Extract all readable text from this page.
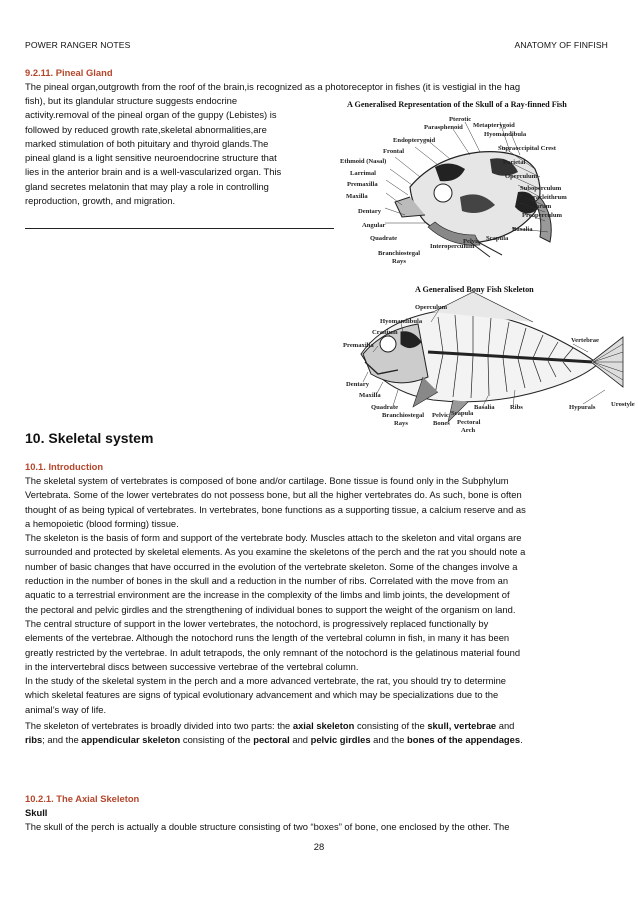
POWER RANGER NOTES	ANATOMY OF FINFISH
9.2.11. Pineal Gland
The pineal organ,outgrowth from the roof of the brain,is recognized as a photoreceptor in fishes (it is vestigial in the hag
fish), but its glandular structure suggests endocrine
activity.removal of the pineal organ of the guppy (Lebistes) is
followed by reduced growth rate,skeletal abnormalities,are
marked stimulation of both pituitary and thyroid glands.The
pineal gland is a light sensitive neuroendocrine structure that
lies in the anterior brain and is a well-vascularized organ. This
gland secretes melatonin that may play a role in controlling
reproduction, growth, and migration.
A Generalised Representation of the Skull of a Ray-finned Fish
Pterotic
Metapterygoid
Parasphenoid
Hyomandibula
Endopterygoid
Frontal	Supraoccipital Crest
Ethmoid (Nasal)	Parietal
Larrimal	Operculum
Premaxilla
Maxilla
Suboperculum
Supracleithrum
Dentary
Cleithrum
Preoperculum
Angular
Basalia
Quadrate	Pelvis Scapula
Interoperculum
Branchiostegal
Rays
A Generalised Bony Fish Skeleton
Operculum
Hyomandibula
Cranium
Premaxilla
Vertebrae
Dentary
Maxilla
Quadrate	Basalia Ribs	Hypurals Urostyle
Branchiostegal
Rays
Pelvic
Bones
Scapula
Pectoral
Arch
10. Skeletal system
10.1. Introduction
The skeletal system of vertebrates is composed of bone and/or cartilage. Bone tissue is found only in the Subphylum
Vertebrata. Some of the lower vertebrates do not possess bone, but all the higher vertebrates do. As such, bone is often
thought of as being typical of vertebrates. In vertebrates, bone functions as a supporting tissue, a calcium reserve and as
a hemopoietic (blood forming) tissue.
The skeleton is the basis of form and support of the vertebrate body. Muscles attach to the skeleton and vital organs are
surrounded and protected by skeletal elements. As you examine the skeletons of the perch and the rat you should note a
number of basic changes that have occurred in the evolution of the vertebrate skeleton. Some of the changes involve a
reduction in the number of bones in the skull and a reduction in the number of ribs. Correlated with the move from an
aquatic to a terrestrial environment are the increase in the complexity of the limbs and limb joints, the development of
the pectoral and pelvic girdles and the strengthening of individual bones to support the weight of the organism on land.
The central structure of support in the lower vertebrates, the notochord, is progressively replaced functionally by
elements of the vertebrae. Although the notochord runs the length of the vertebral column in fish, in many it has been
greatly restricted by the vertebrae. In adult tetrapods, the only remnant of the notochord is the gelatinous material found
in the intervertebral discs between successive vertebrae of the vertebral column.
In the study of the skeletal system in the perch and a more advanced vertebrate, the rat, you should try to determine
which skeletal features are signs of typical evolutionary advancement and which may be specializations due to the
animal’s way of life.
The skeleton of vertebrates is broadly divided into two parts: the axial skeleton consisting of the skull, vertebrae and
ribs; and the appendicular skeleton consisting of the pectoral and pelvic girdles and the bones of the appendages.
10.2.1. The Axial Skeleton
Skull
The skull of the perch is actually a double structure consisting of two “boxes” of bone, one enclosed by the other. The
28
